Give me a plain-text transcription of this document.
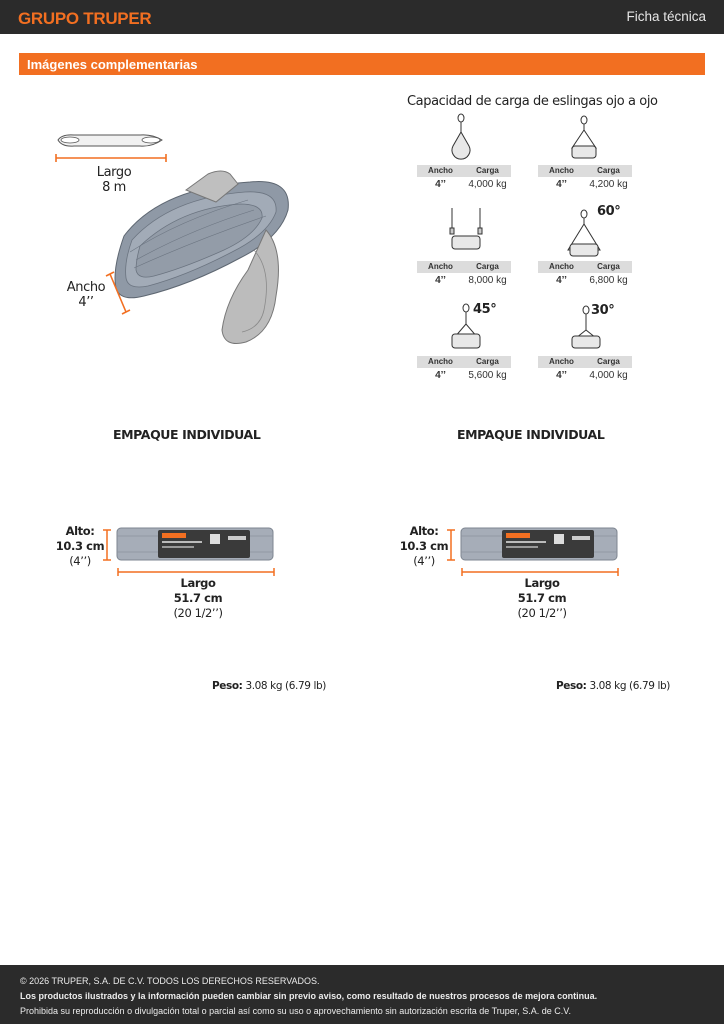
GRUPO TRUPER	Ficha técnica
Imágenes complementarias
Largo
8 m
Ancho
4’’
Capacidad de carga de eslingas ojo a ojo
60°
45°	30°
Ancho	Carga
4’’	4,000 kg
Ancho	Carga
4’’	4,200 kg
Ancho	Carga
4’’	8,000 kg
Ancho	Carga
4’’	6,800 kg
Ancho	Carga
4’’	5,600 kg
Ancho	Carga
4’’	4,000 kg
EMPAQUE INDIVIDUAL
Alto:
10.3 cm
(4’’)
Largo
51.7 cm
(20 1/2’’)
Peso: 3.08 kg (6.79 lb)
EMPAQUE INDIVIDUAL
Alto:
10.3 cm
(4’’)
Largo
51.7 cm
(20 1/2’’)
Peso: 3.08 kg (6.79 lb)
© 2026 TRUPER, S.A. DE C.V. TODOS LOS DERECHOS RESERVADOS.
Los productos ilustrados y la información pueden cambiar sin previo aviso, como resultado de nuestros procesos de mejora continua.
Prohibida su reproducción o divulgación total o parcial así como su uso o aprovechamiento sin autorización escrita de Truper, S.A. de C.V.
